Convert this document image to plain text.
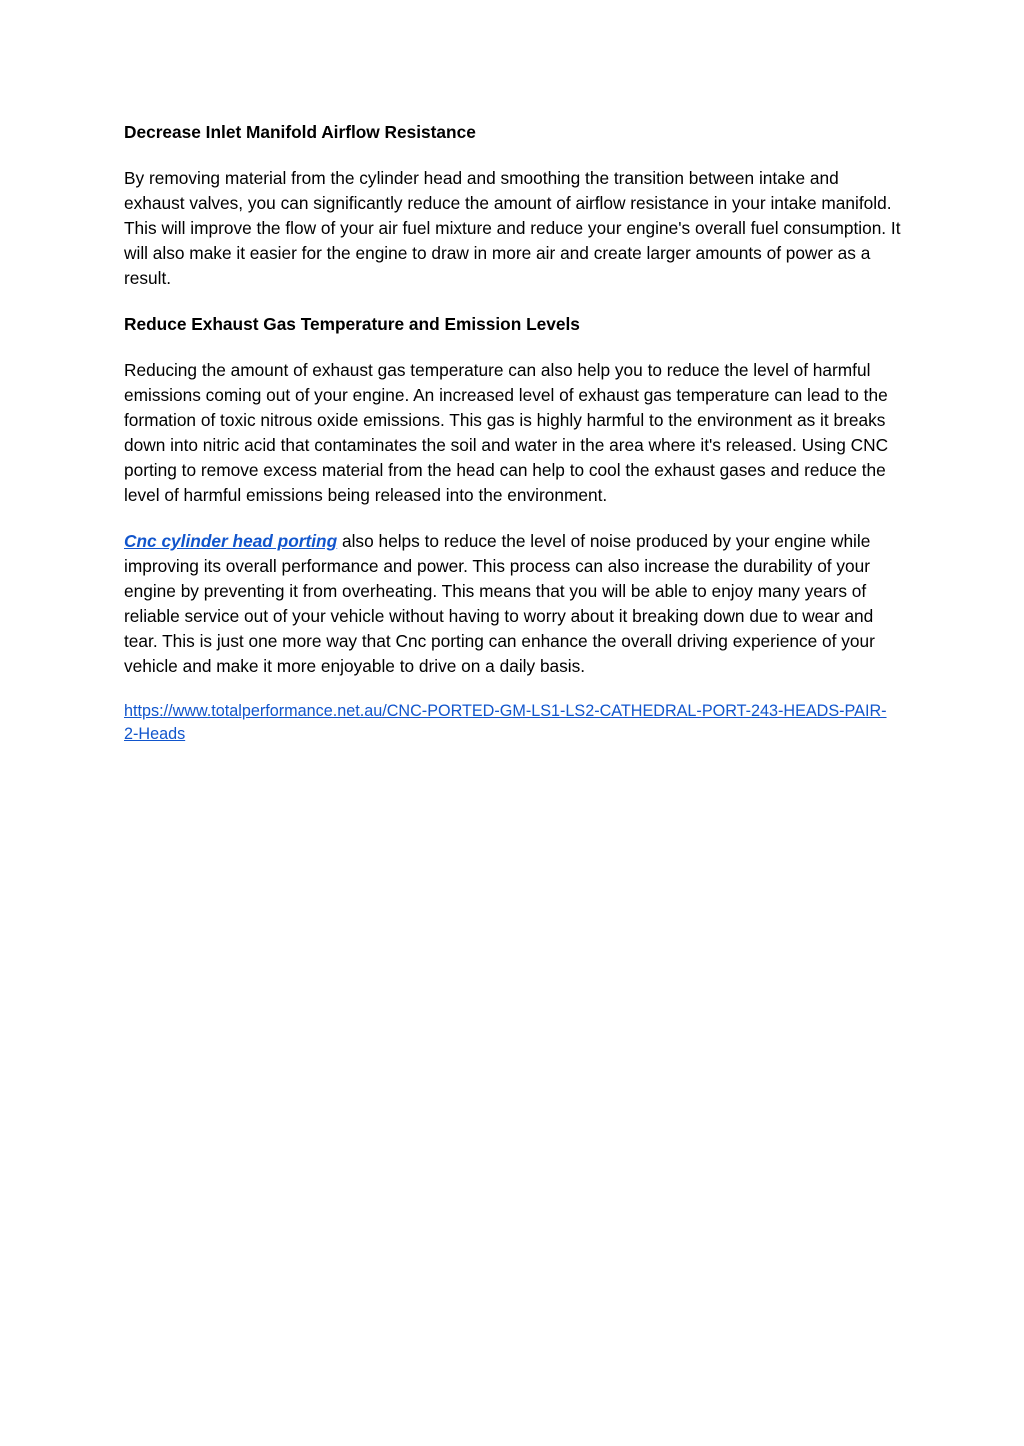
Decrease Inlet Manifold Airflow Resistance

By removing material from the cylinder head and smoothing the transition between intake and exhaust valves, you can significantly reduce the amount of airflow resistance in your intake manifold. This will improve the flow of your air fuel mixture and reduce your engine's overall fuel consumption. It will also make it easier for the engine to draw in more air and create larger amounts of power as a result.

Reduce Exhaust Gas Temperature and Emission Levels

Reducing the amount of exhaust gas temperature can also help you to reduce the level of harmful emissions coming out of your engine. An increased level of exhaust gas temperature can lead to the formation of toxic nitrous oxide emissions. This gas is highly harmful to the environment as it breaks down into nitric acid that contaminates the soil and water in the area where it's released. Using CNC porting to remove excess material from the head can help to cool the exhaust gases and reduce the level of harmful emissions being released into the environment.

Cnc cylinder head porting also helps to reduce the level of noise produced by your engine while improving its overall performance and power. This process can also increase the durability of your engine by preventing it from overheating. This means that you will be able to enjoy many years of reliable service out of your vehicle without having to worry about it breaking down due to wear and tear. This is just one more way that Cnc porting can enhance the overall driving experience of your vehicle and make it more enjoyable to drive on a daily basis.

https://www.totalperformance.net.au/CNC-PORTED-GM-LS1-LS2-CATHEDRAL-PORT-243-HEADS-PAIR-2-Heads
